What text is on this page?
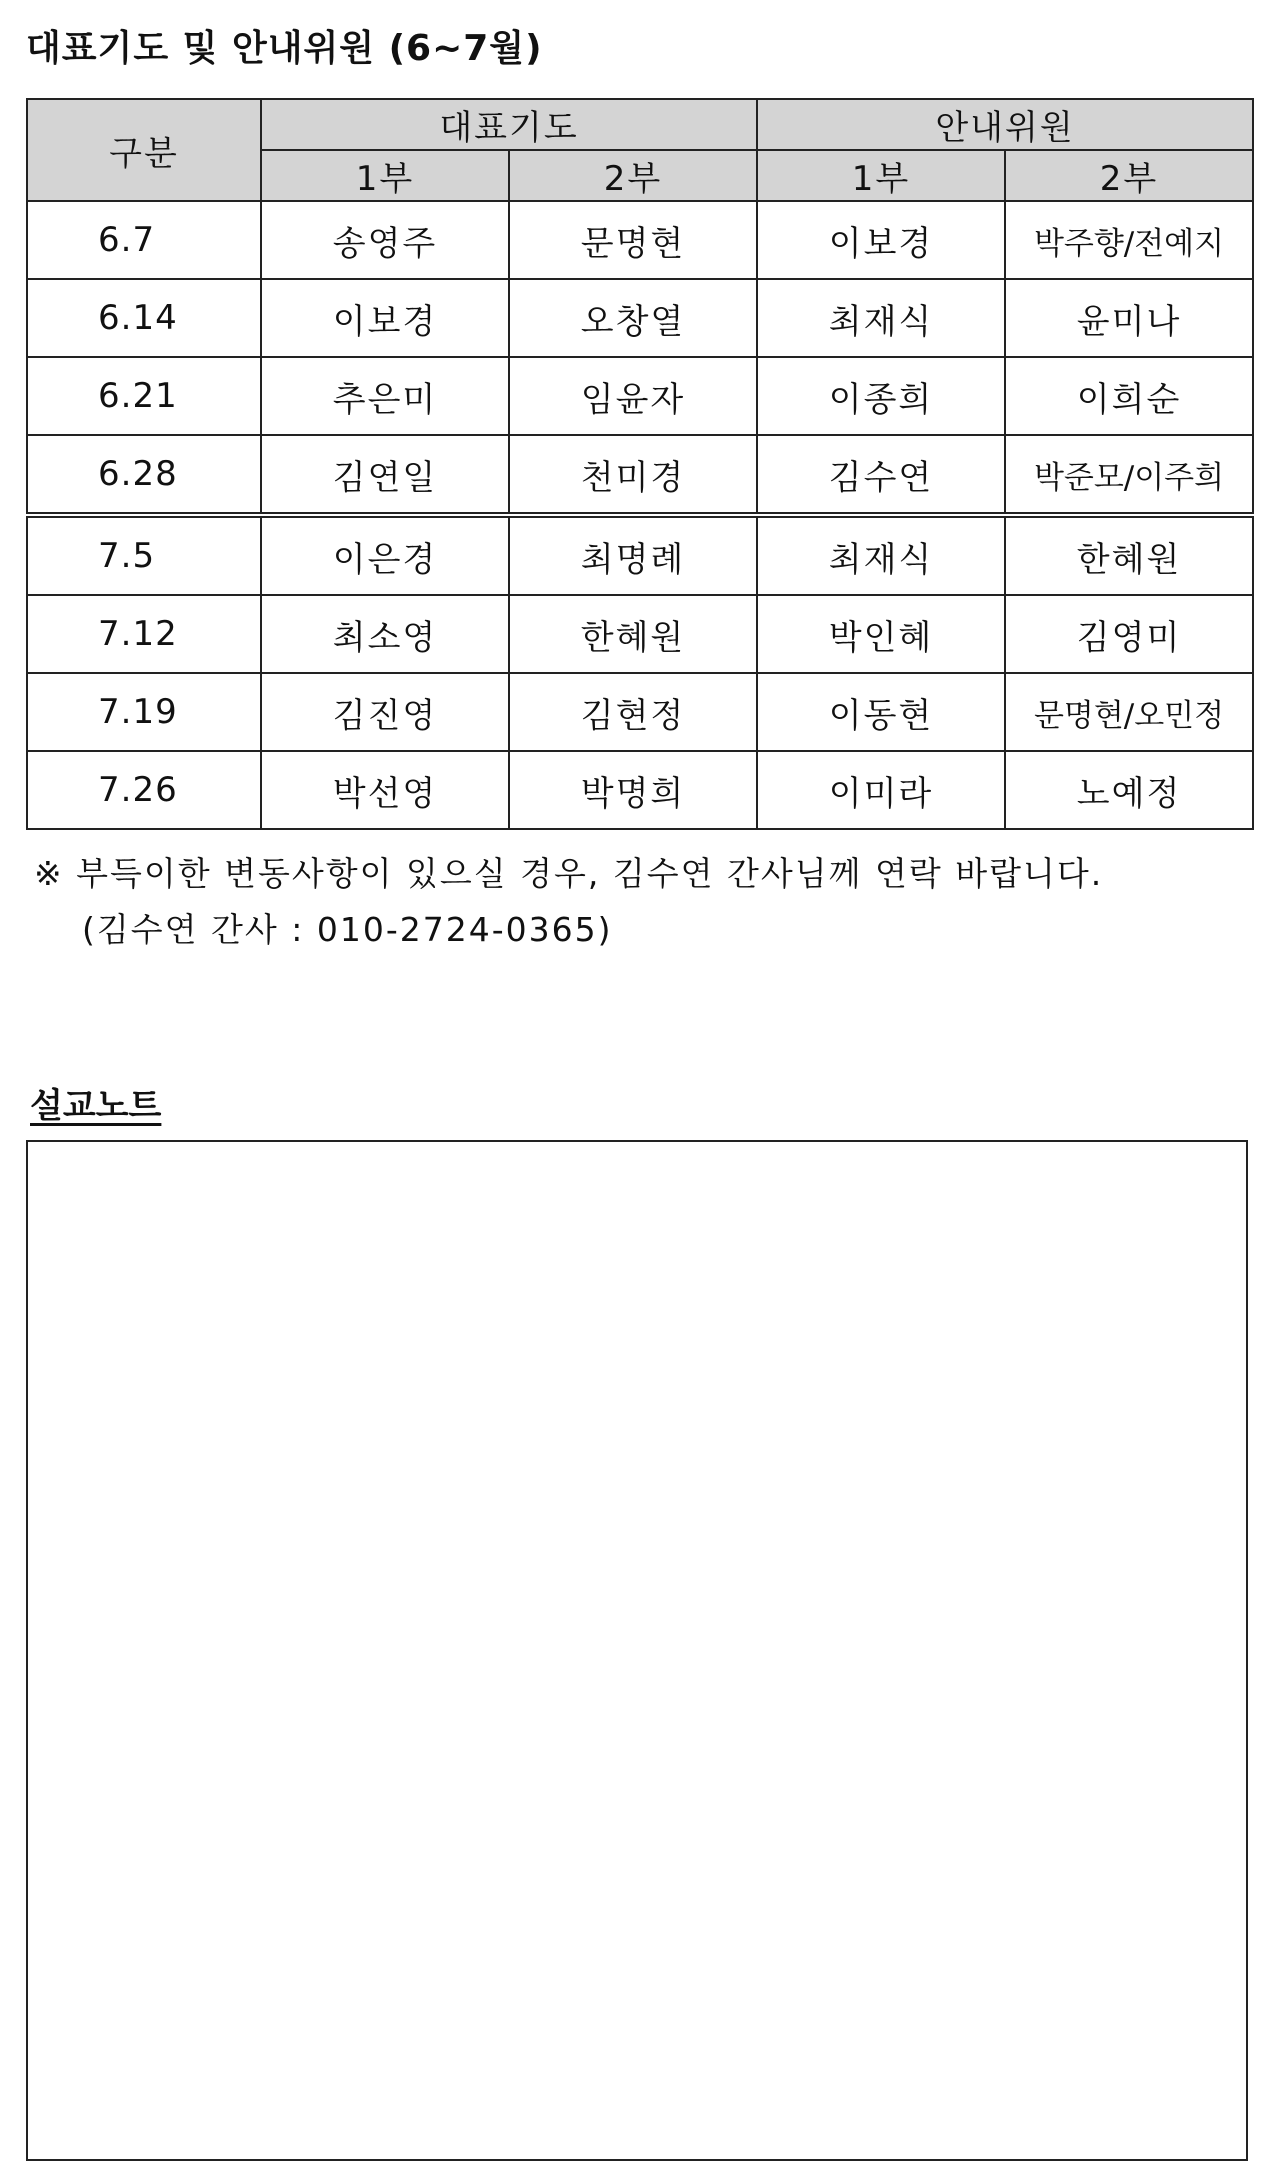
대표기도 및 안내위원 (6~7월)
구분	대표기도		안내위원	
	1부	2부	1부	2부
6.7	송영주	문명현	이보경	박주향/전예지
6.14	이보경	오창열	최재식	윤미나
6.21	추은미	임윤자	이종희	이희순
6.28	김연일	천미경	김수연	박준모/이주희
7.5	이은경	최명례	최재식	한혜원
7.12	최소영	한혜원	박인혜	김영미
7.19	김진영	김현정	이동현	문명현/오민정
7.26	박선영	박명희	이미라	노예정
※ 부득이한 변동사항이 있으실 경우, 김수연 간사님께 연락 바랍니다.
(김수연 간사 : 010-2724-0365)
설교노트
